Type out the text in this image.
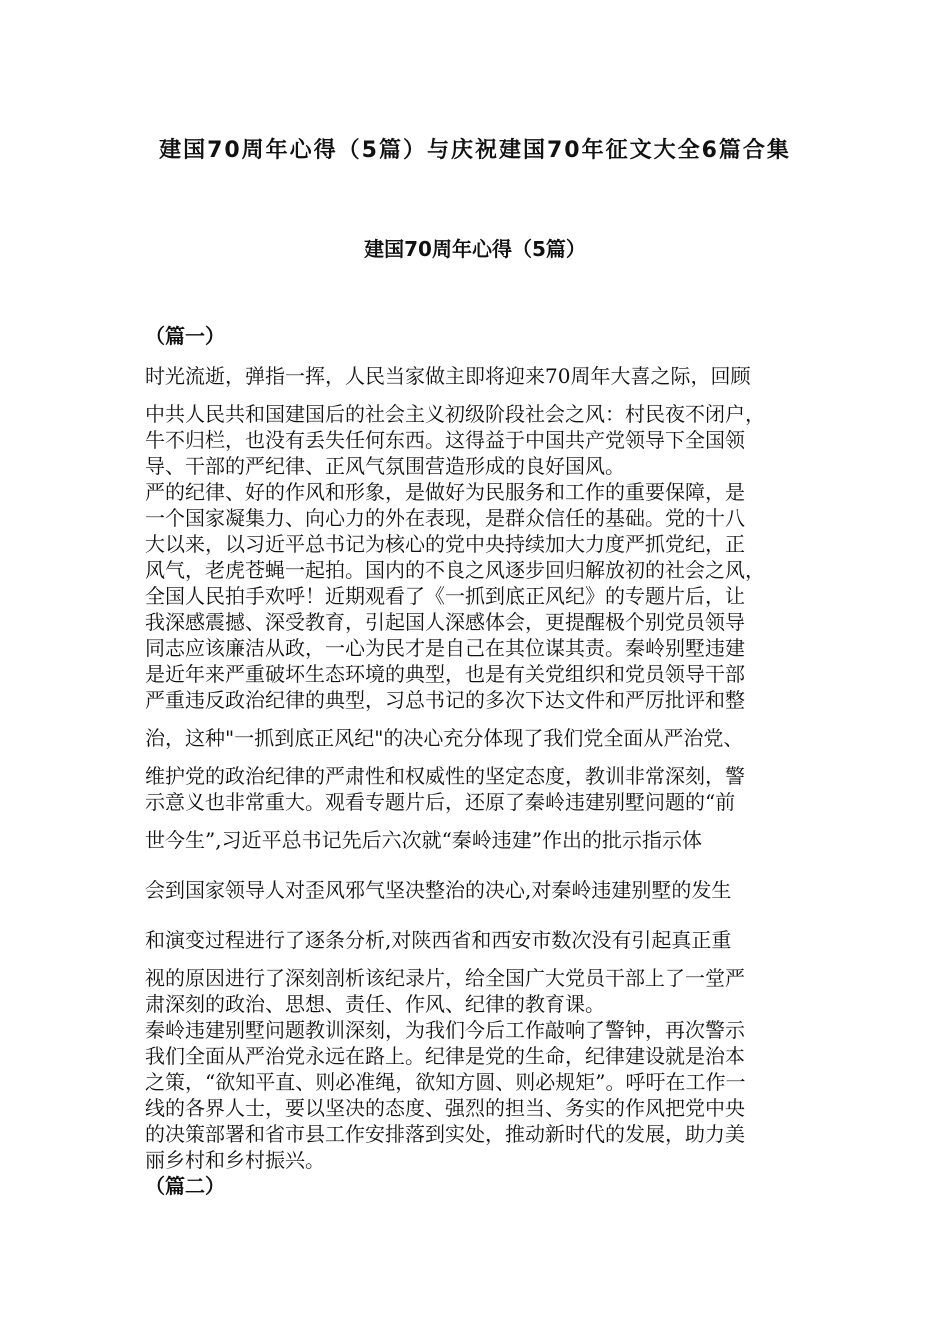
建国70周年心得（5篇）与庆祝建国70年征文大全6篇合集
建国70周年心得（5篇）

（篇一）

时光流逝，弹指一挥，人民当家做主即将迎来70周年大喜之际，回顾

中共人民共和国建国后的社会主义初级阶段社会之风：村民夜不闭户，

牛不归栏，也没有丢失任何东西。这得益于中国共产党领导下全国领

导、干部的严纪律、正风气氛围营造形成的良好国风。

严的纪律、好的作风和形象，是做好为民服务和工作的重要保障，是

一个国家凝集力、向心力的外在表现，是群众信任的基础。党的十八

大以来，以习近平总书记为核心的党中央持续加大力度严抓党纪，正

风气，老虎苍蝇一起拍。国内的不良之风逐步回归解放初的社会之风，

全国人民拍手欢呼！近期观看了《一抓到底正风纪》的专题片后，让

我深感震撼、深受教育，引起国人深感体会，更提醒极个别党员领导

同志应该廉洁从政，一心为民才是自己在其位谋其责。秦岭别墅违建

是近年来严重破坏生态环境的典型，也是有关党组织和党员领导干部

严重违反政治纪律的典型，习总书记的多次下达文件和严厉批评和整

治，这种"一抓到底正风纪"的决心充分体现了我们党全面从严治党、

维护党的政治纪律的严肃性和权威性的坚定态度，教训非常深刻，警

示意义也非常重大。观看专题片后，还原了秦岭违建别墅问题的“前

世今生”,习近平总书记先后六次就“秦岭违建”作出的批示指示体

会到国家领导人对歪风邪气坚决整治的决心,对秦岭违建别墅的发生

和演变过程进行了逐条分析,对陕西省和西安市数次没有引起真正重

视的原因进行了深刻剖析该纪录片，给全国广大党员干部上了一堂严

肃深刻的政治、思想、责任、作风、纪律的教育课。

秦岭违建别墅问题教训深刻，为我们今后工作敲响了警钟，再次警示

我们全面从严治党永远在路上。纪律是党的生命，纪律建设就是治本

之策，“欲知平直、则必准绳，欲知方圆、则必规矩”。呼吁在工作一

线的各界人士，要以坚决的态度、强烈的担当、务实的作风把党中央

的决策部署和省市县工作安排落到实处，推动新时代的发展，助力美

丽乡村和乡村振兴。

（篇二）
